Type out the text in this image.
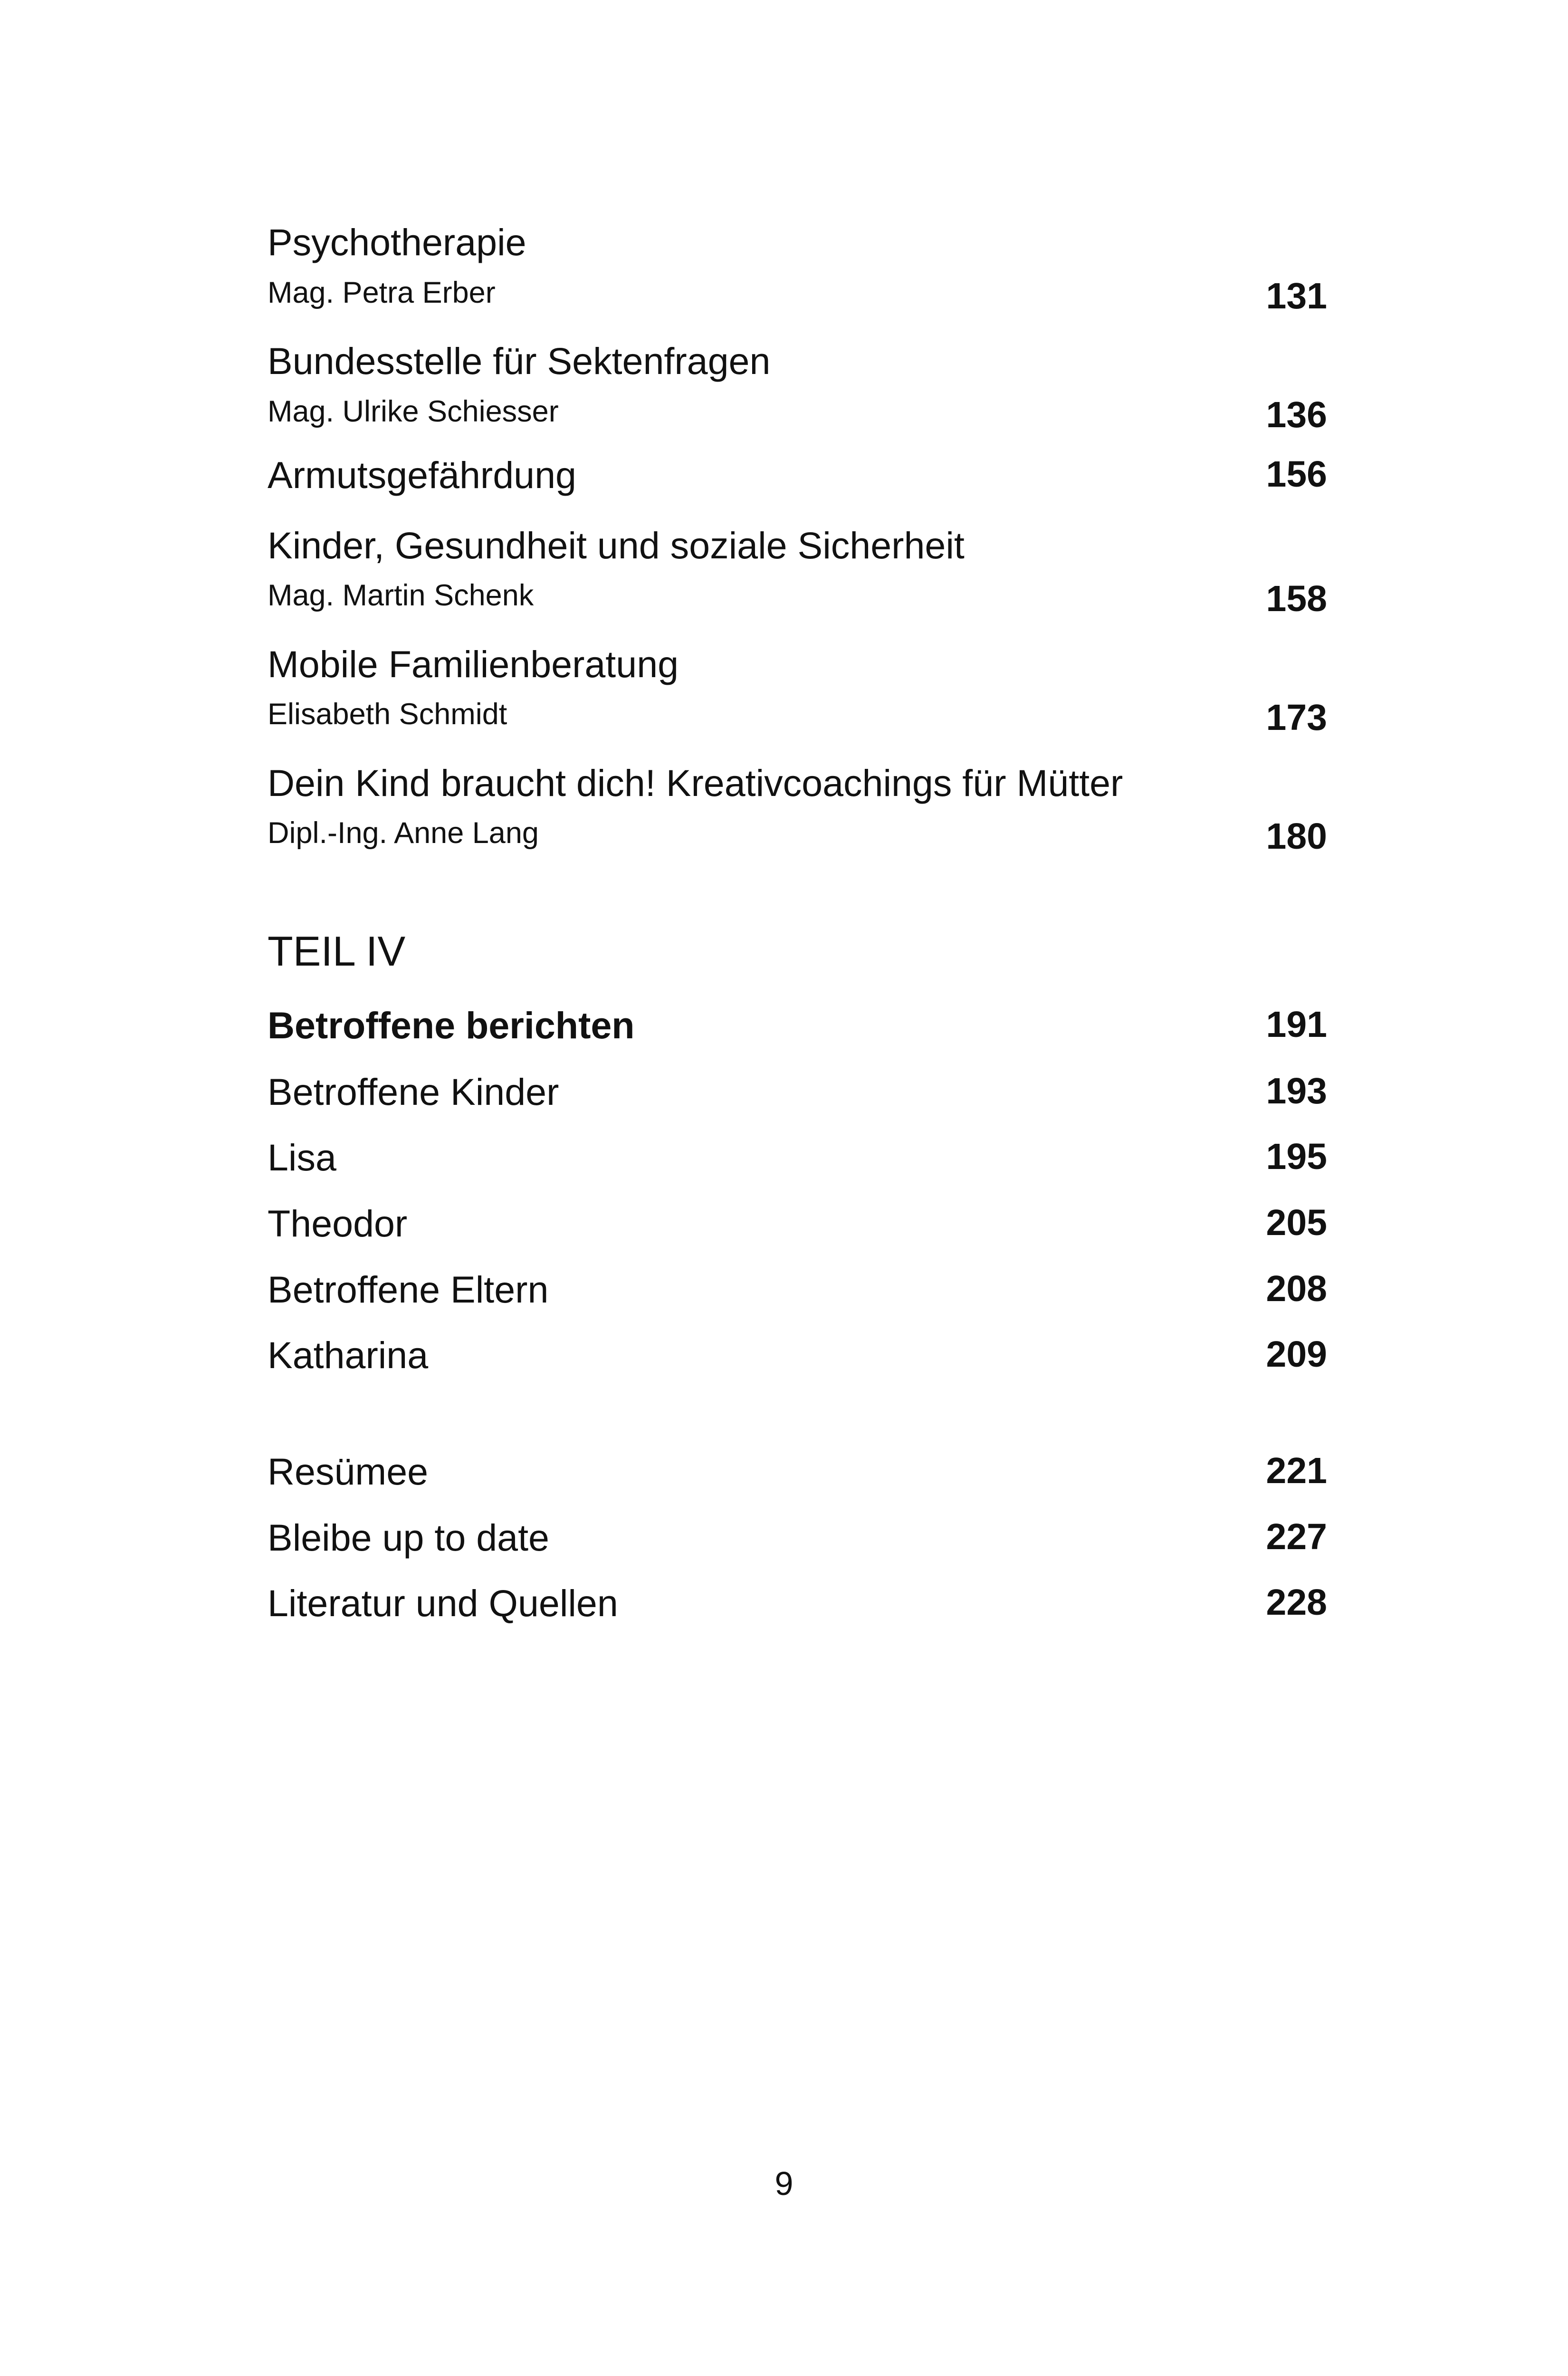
Psychotherapie
Mag. Petra Erber	131
Bundesstelle für Sektenfragen
Mag. Ulrike Schiesser	136
Armutsgefährdung	156
Kinder, Gesundheit und soziale Sicherheit
Mag. Martin Schenk	158
Mobile Familienberatung
Elisabeth Schmidt	173
Dein Kind braucht dich! Kreativcoachings für Mütter
Dipl.-Ing. Anne Lang	180
TEIL IV
Betroffene berichten	191
Betroffene Kinder	193
Lisa	195
Theodor	205
Betroffene Eltern	208
Katharina	209
Resümee	221
Bleibe up to date	227
Literatur und Quellen	228
9
